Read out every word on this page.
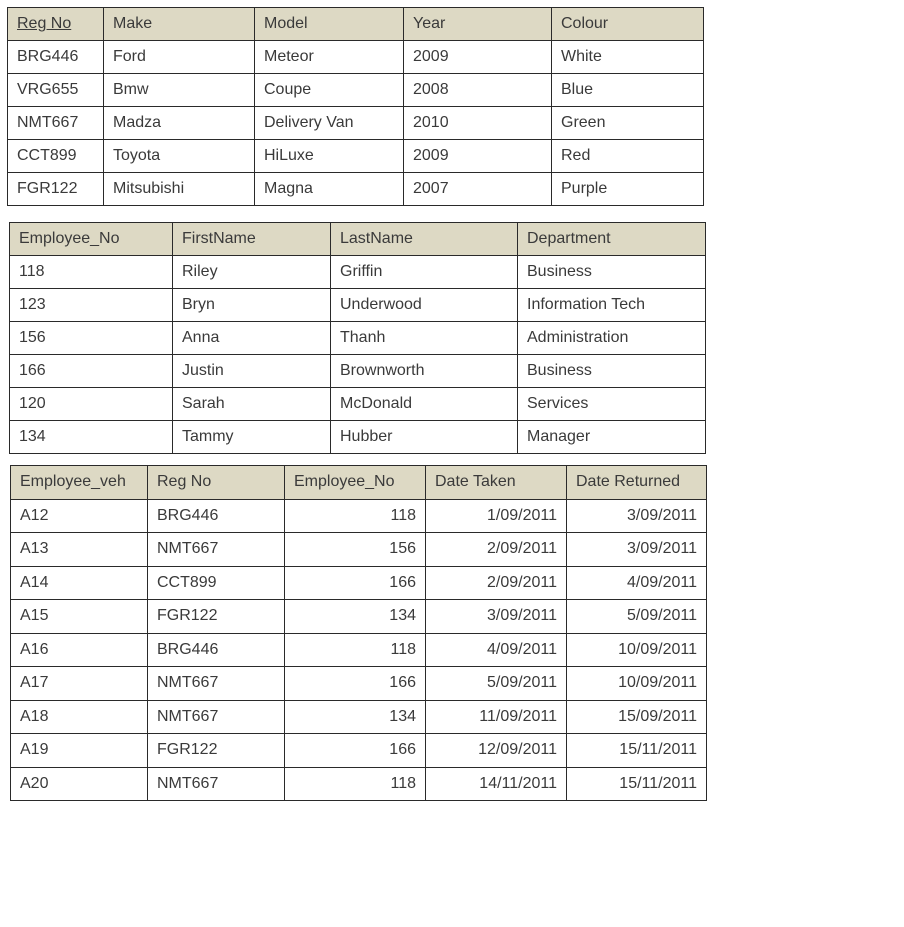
Reg No	Make	Model	Year	Colour
BRG446	Ford	Meteor	2009	White
VRG655	Bmw	Coupe	2008	Blue
NMT667	Madza	Delivery Van	2010	Green
CCT899	Toyota	HiLuxe	2009	Red
FGR122	Mitsubishi	Magna	2007	Purple
Employee_No	FirstName	LastName	Department
118	Riley	Griffin	Business
123	Bryn	Underwood	Information Tech
156	Anna	Thanh	Administration
166	Justin	Brownworth	Business
120	Sarah	McDonald	Services
134	Tammy	Hubber	Manager
Employee_veh	Reg No	Employee_No	Date Taken	Date Returned
A12	BRG446	118	1/09/2011	3/09/2011
A13	NMT667	156	2/09/2011	3/09/2011
A14	CCT899	166	2/09/2011	4/09/2011
A15	FGR122	134	3/09/2011	5/09/2011
A16	BRG446	118	4/09/2011	10/09/2011
A17	NMT667	166	5/09/2011	10/09/2011
A18	NMT667	134	11/09/2011	15/09/2011
A19	FGR122	166	12/09/2011	15/11/2011
A20	NMT667	118	14/11/2011	15/11/2011
